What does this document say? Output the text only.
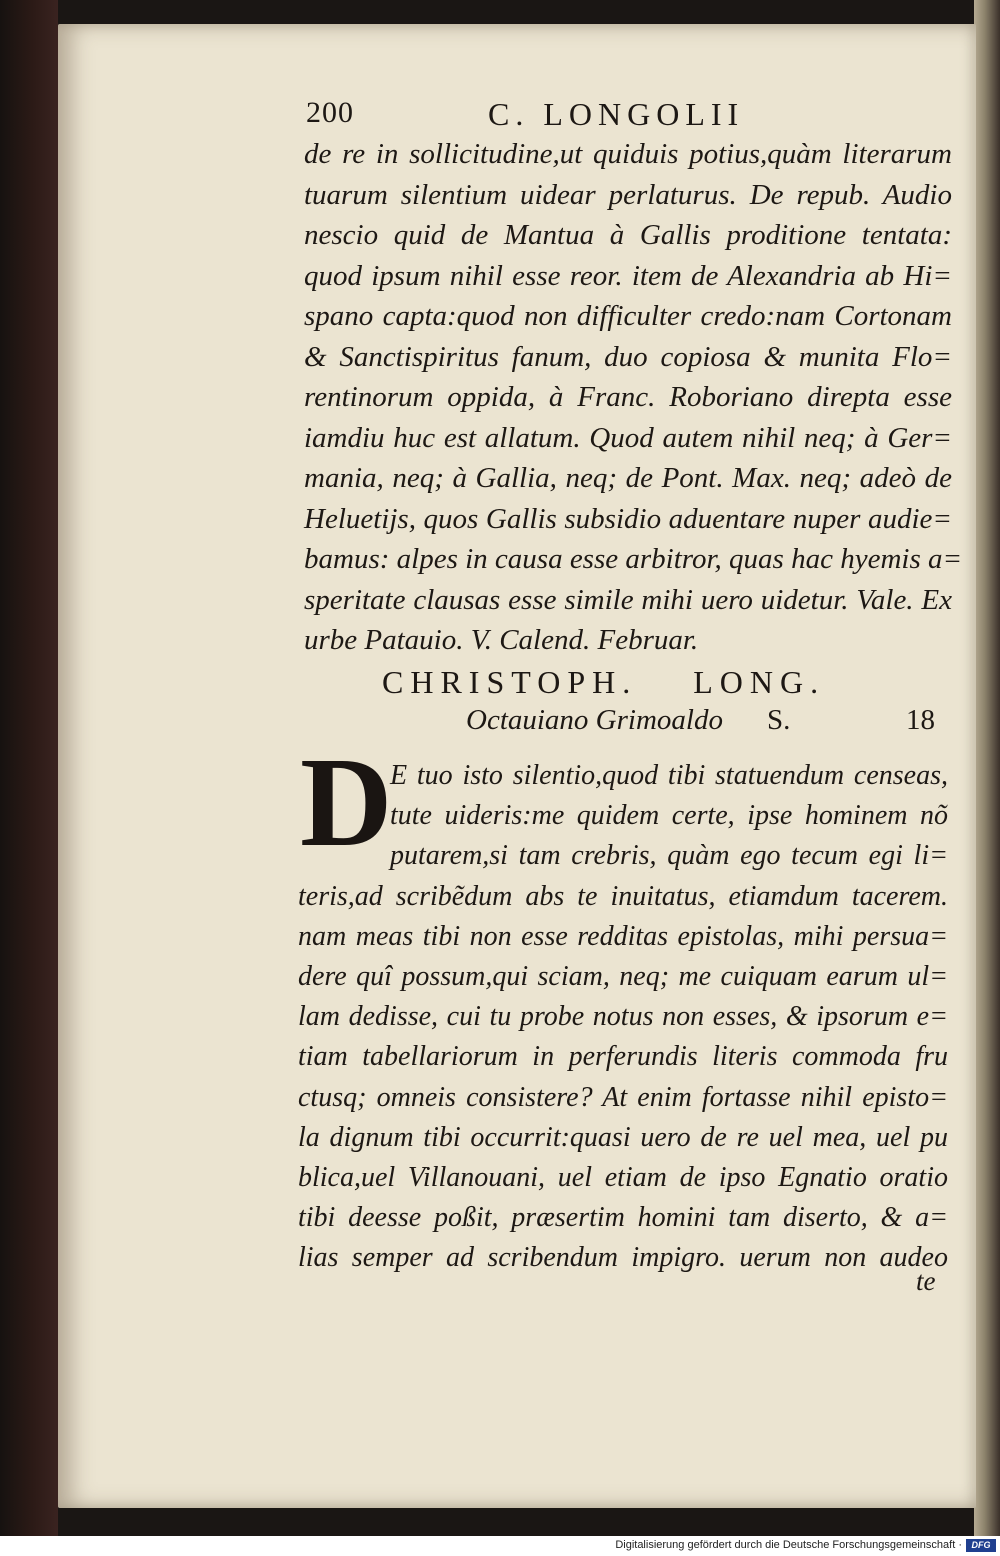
200	C. LONGOLII
de re in sollicitudine,ut quiduis potius,quàm literarum
tuarum silentium uidear perlaturus. De repub. Audio
nescio quid de Mantua à Gallis proditione tentata:
quod ipsum nihil esse reor. item de Alexandria ab Hi=
spano capta:quod non difficulter credo:nam Cortonam
& Sanctispiritus fanum, duo copiosa & munita Flo=
rentinorum oppida, à Franc. Roboriano direpta esse
iamdiu huc est allatum. Quod autem nihil neq; à Ger=
mania, neq; à Gallia, neq; de Pont. Max. neq; adeò de
Heluetijs, quos Gallis subsidio aduentare nuper audie=
bamus: alpes in causa esse arbitror, quas hac hyemis a=
speritate clausas esse simile mihi uero uidetur. Vale. Ex
urbe Patauio. V. Calend. Februar.
CHRISTOPH. LONG.
Octauiano Grimoaldo S.	18
D
E tuo isto silentio,quod tibi statuendum censeas,
tute uideris:me quidem certe, ipse hominem nõ
putarem,si tam crebris, quàm ego tecum egi li=
teris,ad scribẽdum abs te inuitatus, etiamdum tacerem.
nam meas tibi non esse redditas epistolas, mihi persua=
dere quî possum,qui sciam, neq; me cuiquam earum ul=
lam dedisse, cui tu probe notus non esses, & ipsorum e=
tiam tabellariorum in perferundis literis commoda fru
ctusq; omneis consistere? At enim fortasse nihil episto=
la dignum tibi occurrit:quasi uero de re uel mea, uel pu
blica,uel Villanouani, uel etiam de ipso Egnatio oratio
tibi deesse poßit, præsertim homini tam diserto, & a=
lias semper ad scribendum impigro. uerum non audeo
te
Digitalisierung gefördert durch die Deutsche Forschungsgemeinschaft ·	DFG
